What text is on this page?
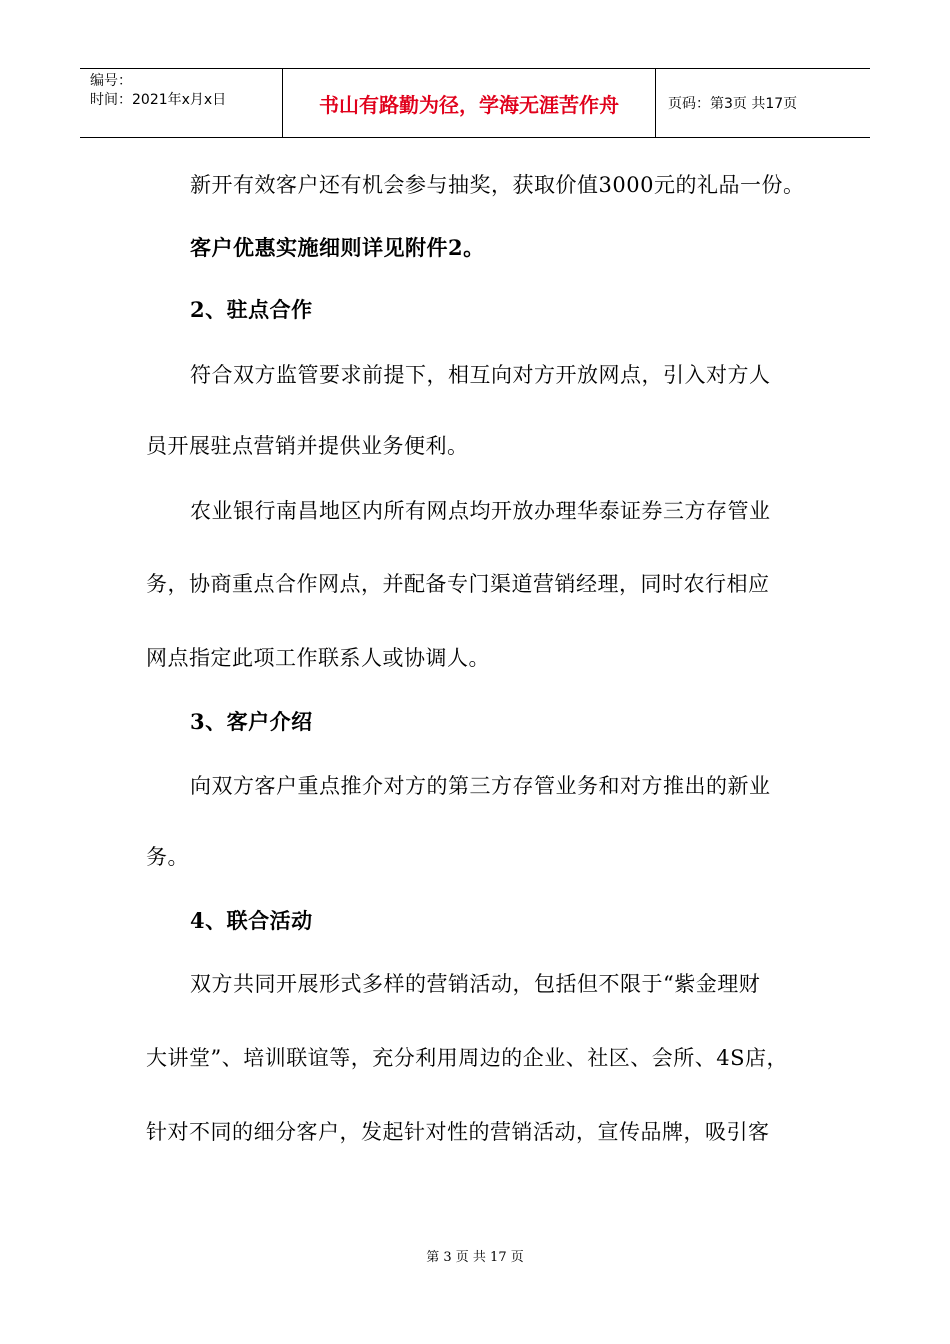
编号：
时间：2021年x月x日	书山有路勤为径，学海无涯苦作舟	页码：第3页 共17页
新开有效客户还有机会参与抽奖，获取价值3000元的礼品一份。
客户优惠实施细则详见附件2。
2、驻点合作
符合双方监管要求前提下，相互向对方开放网点，引入对方人
员开展驻点营销并提供业务便利。
农业银行南昌地区内所有网点均开放办理华泰证券三方存管业
务，协商重点合作网点，并配备专门渠道营销经理，同时农行相应
网点指定此项工作联系人或协调人。
3、客户介绍
向双方客户重点推介对方的第三方存管业务和对方推出的新业
务。
4、联合活动
双方共同开展形式多样的营销活动，包括但不限于“紫金理财
大讲堂”、培训联谊等，充分利用周边的企业、社区、会所、4S店，
针对不同的细分客户，发起针对性的营销活动，宣传品牌，吸引客
第 3 页 共 17 页
